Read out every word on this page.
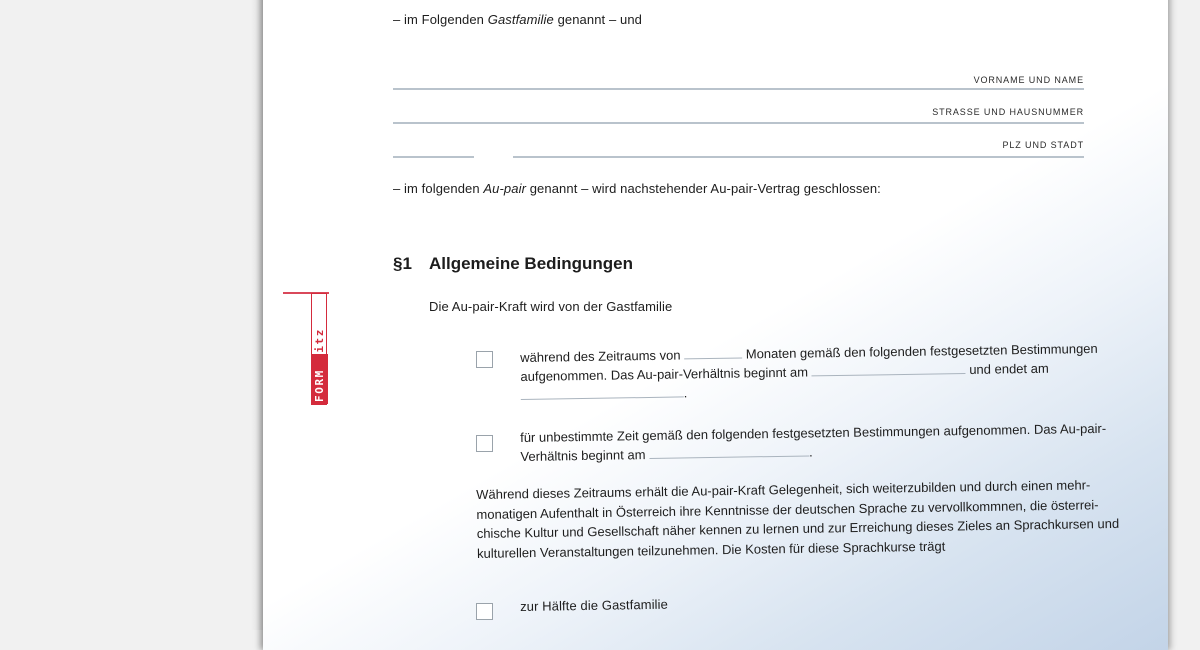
– im Folgenden Gastfamilie genannt – und
VORNAME UND NAME
STRASSE UND HAUSNUMMER
PLZ UND STADT
– im folgenden Au-pair genannt – wird nachstehender Au-pair-Vertrag geschlossen:
§1 Allgemeine Bedingungen
Die Au-pair-Kraft wird von der Gastfamilie
während des Zeitraums von	Monaten gemäß den folgenden festgesetzten Bestimmungen
aufgenommen. Das Au-pair-Verhältnis beginnt am	und endet am
.
für unbestimmte Zeit gemäß den folgenden festgesetzten Bestimmungen aufgenommen. Das Au-pair-
Verhältnis beginnt am	.
Während dieses Zeitraums erhält die Au-pair-Kraft Gelegenheit, sich weiterzubilden und durch einen mehr-
monatigen Aufenthalt in Österreich ihre Kenntnisse der deutschen Sprache zu vervollkommnen, die österrei-
chische Kultur und Gesellschaft näher kennen zu lernen und zur Erreichung dieses Zieles an Sprachkursen und
kulturellen Veranstaltungen teilzunehmen. Die Kosten für diese Sprachkurse trägt
zur Hälfte die Gastfamilie
FORMblitz
